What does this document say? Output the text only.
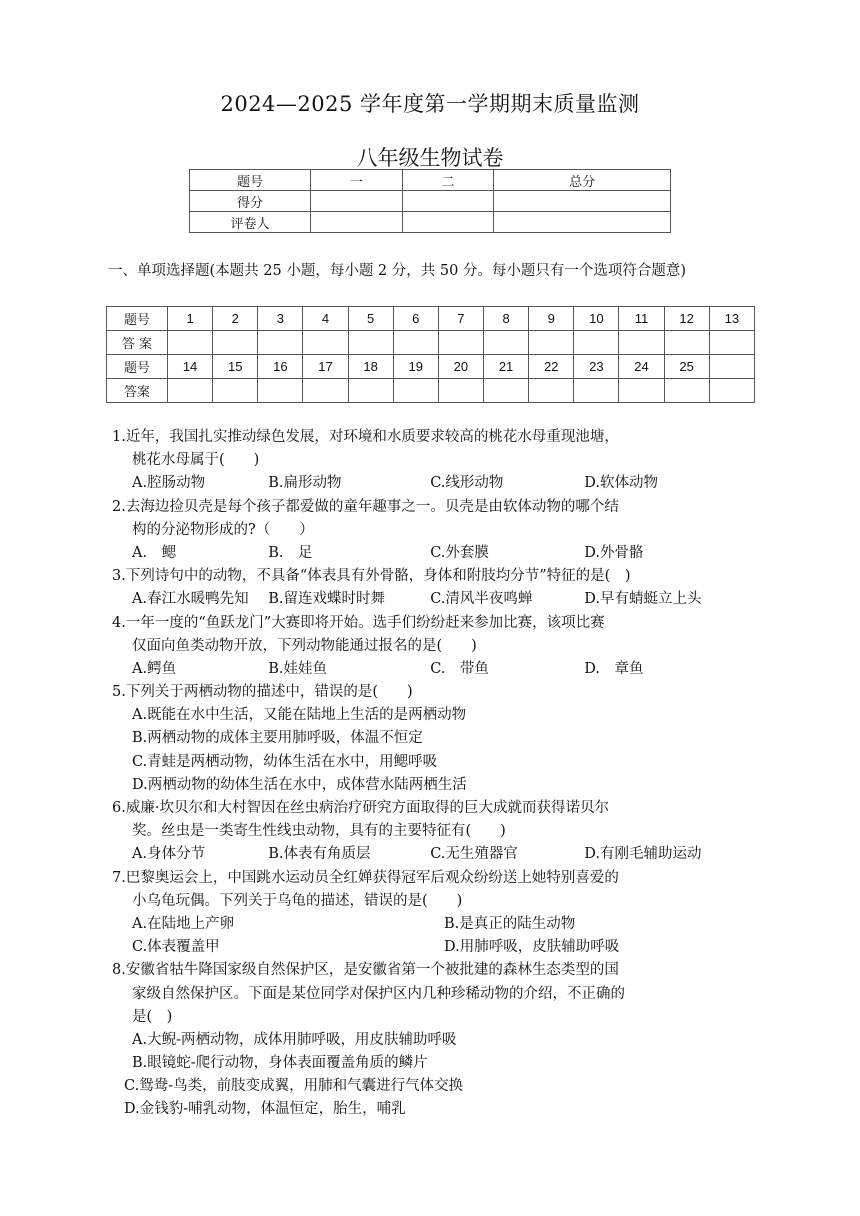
2024—2025 学年度第一学期期末质量监测
八年级生物试卷
题号	一	二	总分
得分			
评卷人			
一、单项选择题(本题共 25 小题，每小题 2 分，共 50 分。每小题只有一个选项符合题意)
题号	1	2	3	4	5	6	7	8	9	10	11	12	13
答 案													
题号	14	15	16	17	18	19	20	21	22	23	24	25	
答案													
1.近年，我国扎实推动绿色发展，对环境和水质要求较高的桃花水母重现池塘，
桃花水母属于(　　)
A.腔肠动物	B.扁形动物	C.线形动物	D.软体动物
2.去海边捡贝壳是每个孩子都爱做的童年趣事之一。贝壳是由软体动物的哪个结
构的分泌物形成的?（　　）
A.　鳃	B.　足	C.外套膜	D.外骨骼
3.下列诗句中的动物，不具备“体表具有外骨骼，身体和附肢均分节”特征的是(　)
A.春江水暖鸭先知	B.留连戏蝶时时舞	C.清风半夜鸣蝉	D.早有蜻蜓立上头
4.一年一度的“鱼跃龙门”大赛即将开始。选手们纷纷赶来参加比赛，该项比赛
仅面向鱼类动物开放，下列动物能通过报名的是(　　)
A.鳄鱼	B.娃娃鱼	C.　带鱼	D.　章鱼
5.下列关于两栖动物的描述中，错误的是(　　)
A.既能在水中生活，又能在陆地上生活的是两栖动物
B.两栖动物的成体主要用肺呼吸，体温不恒定
C.青蛙是两栖动物，幼体生活在水中，用鳃呼吸
D.两栖动物的幼体生活在水中，成体营水陆两栖生活
6.威廉·坎贝尔和大村智因在丝虫病治疗研究方面取得的巨大成就而获得诺贝尔
奖。丝虫是一类寄生性线虫动物，具有的主要特征有(　　)
A.身体分节	B.体表有角质层	C.无生殖器官	D.有刚毛辅助运动
7.巴黎奥运会上，中国跳水运动员全红婵获得冠军后观众纷纷送上她特别喜爱的
小乌龟玩偶。下列关于乌龟的描述，错误的是(　　)
A.在陆地上产卵	B.是真正的陆生动物
C.体表覆盖甲	D.用肺呼吸，皮肤辅助呼吸
8.安徽省牯牛降国家级自然保护区，是安徽省第一个被批建的森林生态类型的国
家级自然保护区。下面是某位同学对保护区内几种珍稀动物的介绍，不正确的
是(　)
A.大鲵-两栖动物，成体用肺呼吸，用皮肤辅助呼吸
B.眼镜蛇-爬行动物，身体表面覆盖角质的鳞片
C.鸳鸯-鸟类，前肢变成翼，用肺和气囊进行气体交换
D.金钱豹-哺乳动物，体温恒定，胎生，哺乳
